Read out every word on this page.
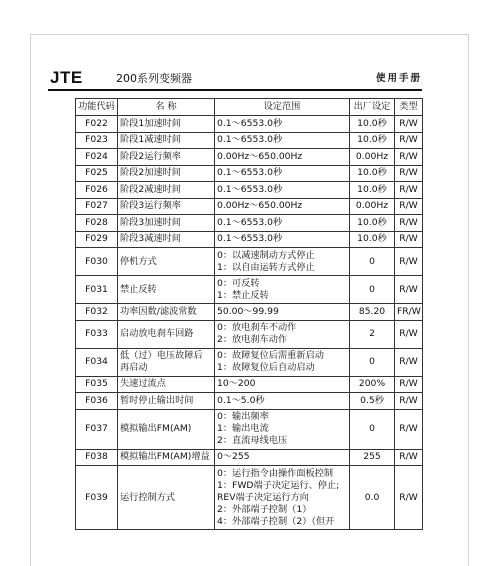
JTE	200系列变频器	使用手册
功能代码	名 称	设定范围	出厂设定	类型
F022	阶段1加速时间	0.1～6553.0秒	10.0秒	R/W
F023	阶段1减速时间	0.1～6553.0秒	10.0秒	R/W
F024	阶段2运行频率	0.00Hz～650.00Hz	0.00Hz	R/W
F025	阶段2加速时间	0.1～6553.0秒	10.0秒	R/W
F026	阶段2减速时间	0.1～6553.0秒	10.0秒	R/W
F027	阶段3运行频率	0.00Hz～650.00Hz	0.00Hz	R/W
F028	阶段3加速时间	0.1～6553.0秒	10.0秒	R/W
F029	阶段3减速时间	0.1～6553.0秒	10.0秒	R/W
F030	停机方式	0：以减速制动方式停止
1：以自由运转方式停止	0	R/W
F031	禁止反转	0：可反转
1：禁止反转	0	R/W
F032	功率因数/滤波常数	50.00～99.99	85.20	FR/W
F033	启动放电刹车回路	0：放电刹车不动作
2：放电刹车动作	2	R/W
F034	低（过）电压故障后
再启动	0：故障复位后需重新启动
1：故障复位后自动启动	0	R/W
F035	失速过流点	10～200	200%	R/W
F036	暂时停止输出时间	0.1～5.0秒	0.5秒	R/W
F037	模拟输出FM(AM)	0：输出频率
1：输出电流
2：直流母线电压	0	R/W
F038	模拟输出FM(AM)增益	0～255	255	R/W
F039	运行控制方式	0：运行指令由操作面板控制
1：FWD端子决定运行、停止;
REV端子决定运行方向
2：外部端子控制（1）
4：外部端子控制（2）（但开	0.0	R/W
